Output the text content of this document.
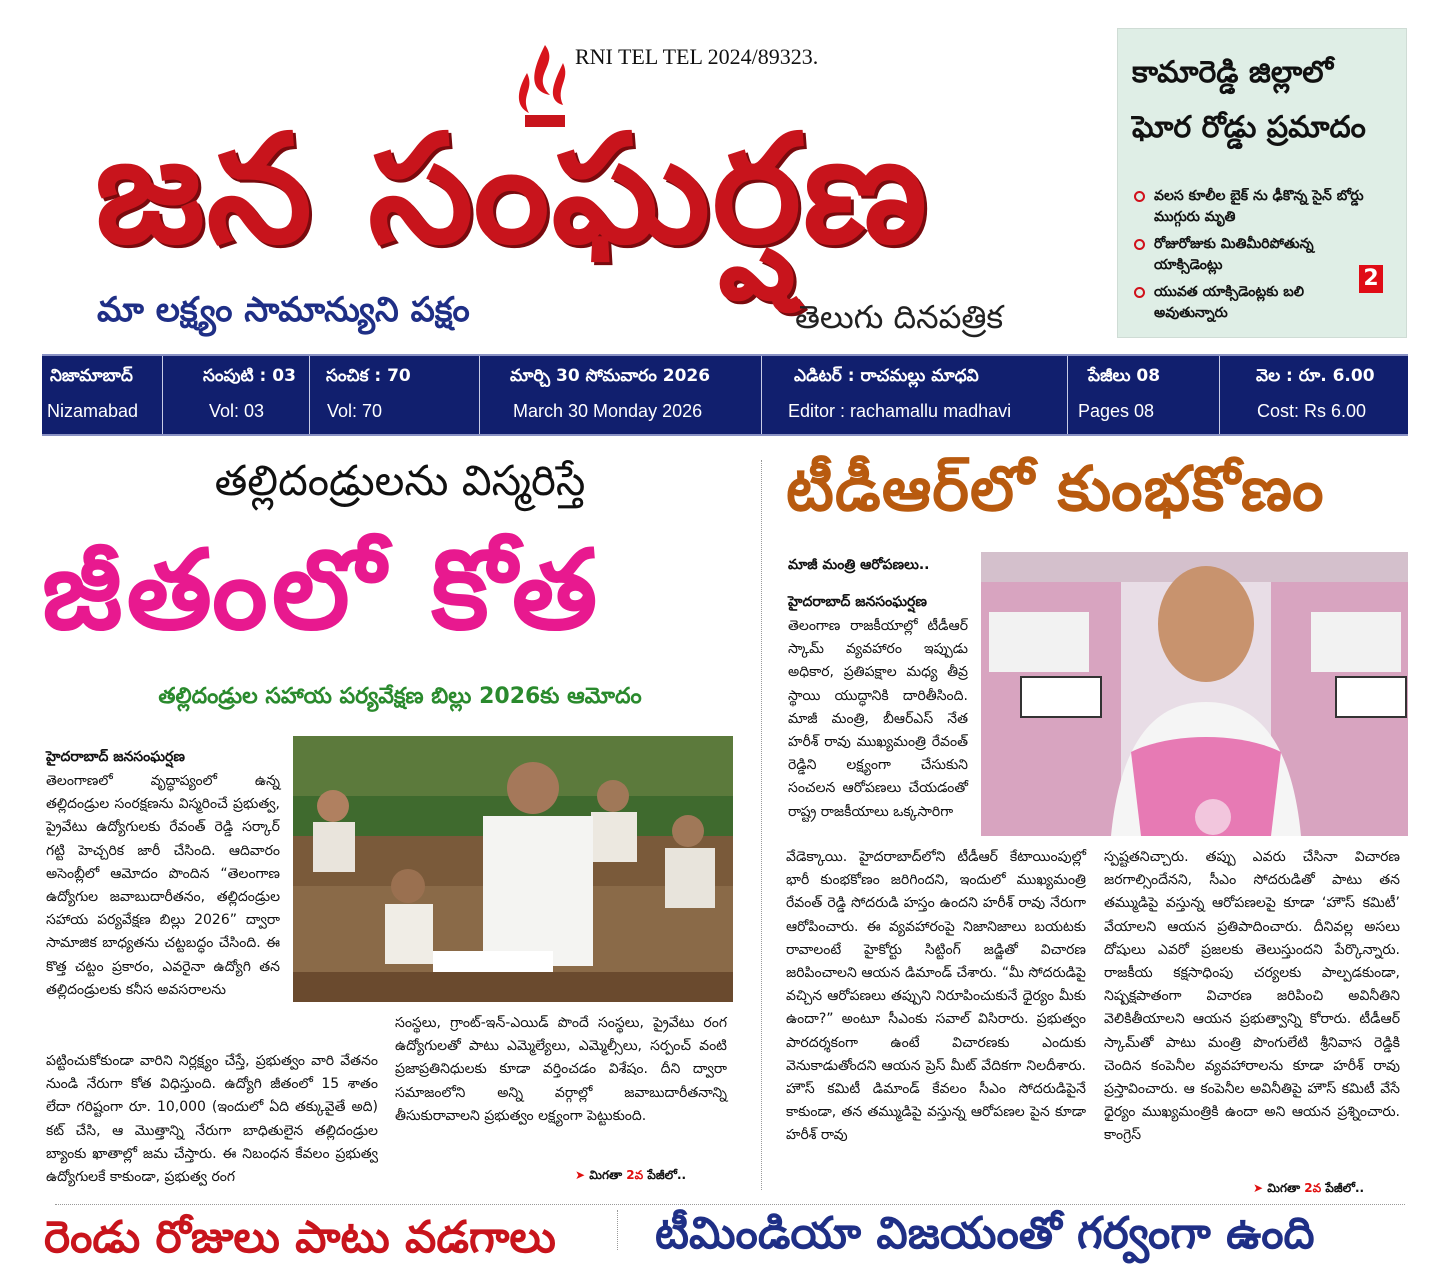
RNI TEL TEL 2024/89323.
జన సంఘర్షణ
మా లక్ష్యం సామాన్యుని పక్షం	తెలుగు దినపత్రిక
కామారెడ్డి జిల్లాలో ఘోర రోడ్డు ప్రమాదం
వలస కూలీల బైక్ ను ఢీకొన్న సైన్ బోర్డు ముగ్గురు మృతి
రోజురోజుకు మితిమీరిపోతున్న యాక్సిడెంట్లు
యువత యాక్సిడెంట్లకు బలి అవుతున్నారు
2
నిజామాబాద్
Nizamabad
సంపుటి : 03
Vol: 03
సంచిక : 70
Vol: 70
మార్చి 30 సోమవారం 2026
March 30 Monday 2026
ఎడిటర్ : రాచమల్లు మాధవి
Editor : rachamallu madhavi
పేజీలు 08
Pages 08
వెల : రూ. 6.00
Cost: Rs 6.00
తల్లిదండ్రులను విస్మరిస్తే
జీతంలో కోత
తల్లిదండ్రుల సహాయ పర్యవేక్షణ బిల్లు 2026కు ఆమోదం
హైదరాబాద్ జనసంఘర్షణ
తెలంగాణలో వృద్ధాప్యంలో ఉన్న తల్లిదండ్రుల సంరక్షణను విస్మరించే ప్రభుత్వ, ప్రైవేటు ఉద్యోగులకు రేవంత్ రెడ్డి సర్కార్ గట్టి హెచ్చరిక జారీ చేసింది. ఆదివారం అసెంబ్లీలో ఆమోదం పొందిన “తెలంగాణ ఉద్యోగుల జవాబుదారీతనం, తల్లిదండ్రుల సహాయ పర్యవేక్షణ బిల్లు 2026” ద్వారా సామాజిక బాధ్యతను చట్టబద్ధం చేసింది. ఈ కొత్త చట్టం ప్రకారం, ఎవరైనా ఉద్యోగి తన తల్లిదండ్రులకు కనీస అవసరాలను
పట్టించుకోకుండా వారిని నిర్లక్ష్యం చేస్తే, ప్రభుత్వం వారి వేతనం నుండి నేరుగా కోత విధిస్తుంది. ఉద్యోగి జీతంలో 15 శాతం లేదా గరిష్టంగా రూ. 10,000 (ఇందులో ఏది తక్కువైతే అది) కట్ చేసి, ఆ మొత్తాన్ని నేరుగా బాధితులైన తల్లిదండ్రుల బ్యాంకు ఖాతాల్లో జమ చేస్తారు. ఈ నిబంధన కేవలం ప్రభుత్వ ఉద్యోగులకే కాకుండా, ప్రభుత్వ రంగ
సంస్థలు, గ్రాంట్-ఇన్-ఎయిడ్ పొందే సంస్థలు, ప్రైవేటు రంగ ఉద్యోగులతో పాటు ఎమ్మెల్యేలు, ఎమ్మెల్సీలు, సర్పంచ్ వంటి ప్రజాప్రతినిధులకు కూడా వర్తించడం విశేషం. దీని ద్వారా సమాజంలోని అన్ని వర్గాల్లో జవాబుదారీతనాన్ని తీసుకురావాలని ప్రభుత్వం లక్ష్యంగా పెట్టుకుంది.
➤ మిగతా 2వ పేజీలో..
టీడీఆర్‌లో కుంభకోణం
మాజీ మంత్రి ఆరోపణలు..
హైదరాబాద్ జనసంఘర్షణ
తెలంగాణ రాజకీయాల్లో టీడీఆర్ స్కామ్ వ్యవహారం ఇప్పుడు అధికార, ప్రతిపక్షాల మధ్య తీవ్ర స్థాయి యుద్ధానికి దారితీసింది. మాజీ మంత్రి, బీఆర్ఎస్ నేత హరీశ్ రావు ముఖ్యమంత్రి రేవంత్ రెడ్డిని లక్ష్యంగా చేసుకుని సంచలన ఆరోపణలు చేయడంతో రాష్ట్ర రాజకీయాలు ఒక్కసారిగా
వేడెక్కాయి. హైదరాబాద్‌లోని టీడీఆర్ కేటాయింపుల్లో భారీ కుంభకోణం జరిగిందని, ఇందులో ముఖ్యమంత్రి రేవంత్ రెడ్డి సోదరుడి హస్తం ఉందని హరీశ్ రావు నేరుగా ఆరోపించారు. ఈ వ్యవహారంపై నిజానిజాలు బయటకు రావాలంటే హైకోర్టు సిట్టింగ్ జడ్జితో విచారణ జరిపించాలని ఆయన డిమాండ్ చేశారు. “మీ సోదరుడిపై వచ్చిన ఆరోపణలు తప్పుని నిరూపించుకునే ధైర్యం మీకు ఉందా?” అంటూ సీఎంకు సవాల్ విసిరారు. ప్రభుత్వం పారదర్శకంగా ఉంటే విచారణకు ఎందుకు వెనుకాడుతోందని ఆయన ప్రెస్ మీట్ వేదికగా నిలదీశారు. హౌస్ కమిటీ డిమాండ్ కేవలం సీఎం సోదరుడిపైనే కాకుండా, తన తమ్ముడిపై వస్తున్న ఆరోపణల పైన కూడా హరీశ్ రావు
స్పష్టతనిచ్చారు. తప్పు ఎవరు చేసినా విచారణ జరగాల్సిందేనని, సీఎం సోదరుడితో పాటు తన తమ్ముడిపై వస్తున్న ఆరోపణలపై కూడా ‘హౌస్ కమిటీ’ వేయాలని ఆయన ప్రతిపాదించారు. దీనివల్ల అసలు దోషులు ఎవరో ప్రజలకు తెలుస్తుందని పేర్కొన్నారు. రాజకీయ కక్షసాధింపు చర్యలకు పాల్పడకుండా, నిష్పక్షపాతంగా విచారణ జరిపించి అవినీతిని వెలికితీయాలని ఆయన ప్రభుత్వాన్ని కోరారు. టీడీఆర్ స్కామ్‌తో పాటు మంత్రి పొంగులేటి శ్రీనివాస రెడ్డికి చెందిన కంపెనీల వ్యవహారాలను కూడా హరీశ్ రావు ప్రస్తావించారు. ఆ కంపెనీల అవినీతిపై హౌస్ కమిటీ వేసే ధైర్యం ముఖ్యమంత్రికి ఉందా అని ఆయన ప్రశ్నించారు. కాంగ్రెస్
➤ మిగతా 2వ పేజీలో..
రెండు రోజులు పాటు వడగాలు టీమిండియా విజయంతో గర్వంగా ఉంది
